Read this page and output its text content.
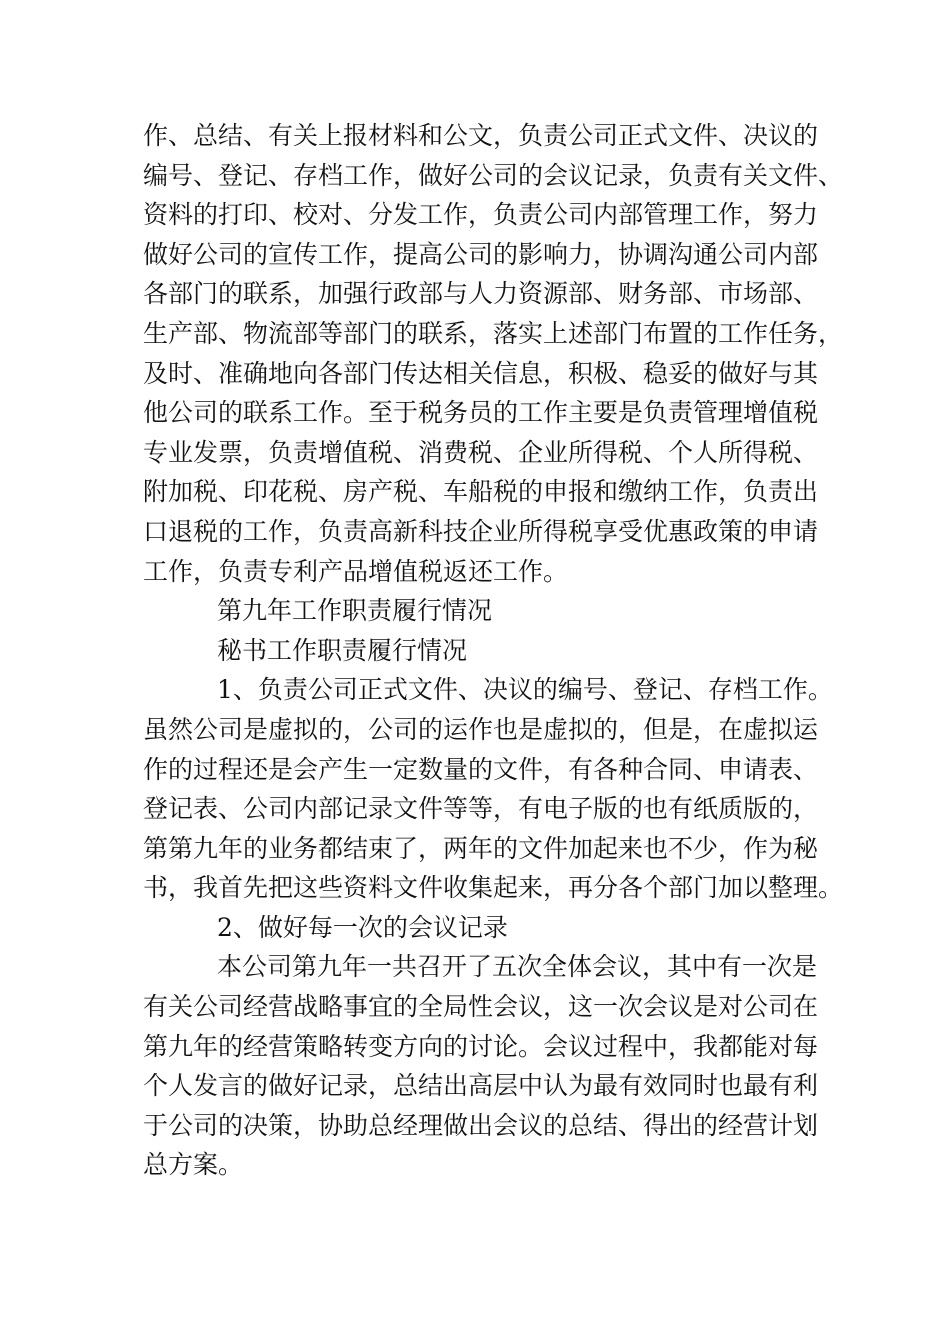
作、总结、有关上报材料和公文，负责公司正式文件、决议的
编号、登记、存档工作，做好公司的会议记录，负责有关文件、
资料的打印、校对、分发工作，负责公司内部管理工作，努力
做好公司的宣传工作，提高公司的影响力，协调沟通公司内部
各部门的联系，加强行政部与人力资源部、财务部、市场部、
生产部、物流部等部门的联系，落实上述部门布置的工作任务，
及时、准确地向各部门传达相关信息，积极、稳妥的做好与其
他公司的联系工作。至于税务员的工作主要是负责管理增值税
专业发票，负责增值税、消费税、企业所得税、个人所得税、
附加税、印花税、房产税、车船税的申报和缴纳工作，负责出
口退税的工作，负责高新科技企业所得税享受优惠政策的申请
工作，负责专利产品增值税返还工作。
第九年工作职责履行情况
秘书工作职责履行情况
1、负责公司正式文件、决议的编号、登记、存档工作。
虽然公司是虚拟的，公司的运作也是虚拟的，但是，在虚拟运
作的过程还是会产生一定数量的文件，有各种合同、申请表、
登记表、公司内部记录文件等等，有电子版的也有纸质版的，
第第九年的业务都结束了，两年的文件加起来也不少，作为秘
书，我首先把这些资料文件收集起来，再分各个部门加以整理。
2、做好每一次的会议记录
本公司第九年一共召开了五次全体会议，其中有一次是
有关公司经营战略事宜的全局性会议，这一次会议是对公司在
第九年的经营策略转变方向的讨论。会议过程中，我都能对每
个人发言的做好记录，总结出高层中认为最有效同时也最有利
于公司的决策，协助总经理做出会议的总结、得出的经营计划
总方案。
